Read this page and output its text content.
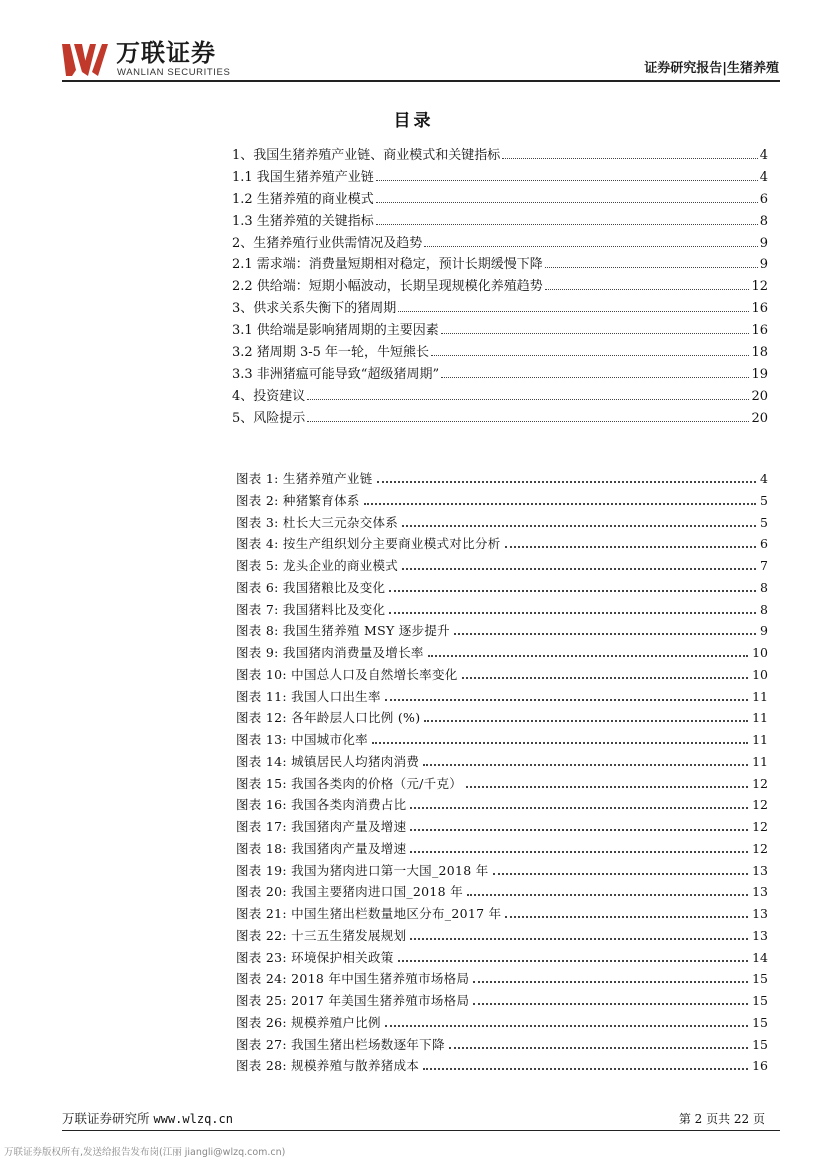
万联证券
WANLIAN SECURITIES	证券研究报告|生猪养殖
目录
1、我国生猪养殖产业链、商业模式和关键指标	4
1.1 我国生猪养殖产业链	4
1.2 生猪养殖的商业模式	6
1.3 生猪养殖的关键指标	8
2、生猪养殖行业供需情况及趋势	9
2.1 需求端：消费量短期相对稳定，预计长期缓慢下降	9
2.2 供给端：短期小幅波动，长期呈现规模化养殖趋势	12
3、供求关系失衡下的猪周期	16
3.1 供给端是影响猪周期的主要因素	16
3.2 猪周期 3-5 年一轮，牛短熊长	18
3.3 非洲猪瘟可能导致“超级猪周期”	19
4、投资建议	20
5、风险提示	20
图表 1: 生猪养殖产业链	4
图表 2: 种猪繁育体系	5
图表 3: 杜长大三元杂交体系	5
图表 4: 按生产组织划分主要商业模式对比分析	6
图表 5: 龙头企业的商业模式	7
图表 6: 我国猪粮比及变化	8
图表 7: 我国猪料比及变化	8
图表 8: 我国生猪养殖 MSY 逐步提升	9
图表 9: 我国猪肉消费量及增长率	10
图表 10: 中国总人口及自然增长率变化	10
图表 11: 我国人口出生率	11
图表 12: 各年龄层人口比例 (%)	11
图表 13: 中国城市化率	11
图表 14: 城镇居民人均猪肉消费	11
图表 15: 我国各类肉的价格（元/千克）	12
图表 16: 我国各类肉消费占比	12
图表 17: 我国猪肉产量及增速	12
图表 18: 我国猪肉产量及增速	12
图表 19: 我国为猪肉进口第一大国_2018 年	13
图表 20: 我国主要猪肉进口国_2018 年	13
图表 21: 中国生猪出栏数量地区分布_2017 年	13
图表 22: 十三五生猪发展规划	13
图表 23: 环境保护相关政策	14
图表 24: 2018 年中国生猪养殖市场格局	15
图表 25: 2017 年美国生猪养殖市场格局	15
图表 26: 规模养殖户比例	15
图表 27: 我国生猪出栏场数逐年下降	15
图表 28: 规模养殖与散养猪成本	16
万联证券研究所 www.wlzq.cn	第 2 页共 22 页
万联证券版权所有,发送给报告发布岗(江丽 jiangli@wlzq.com.cn)
